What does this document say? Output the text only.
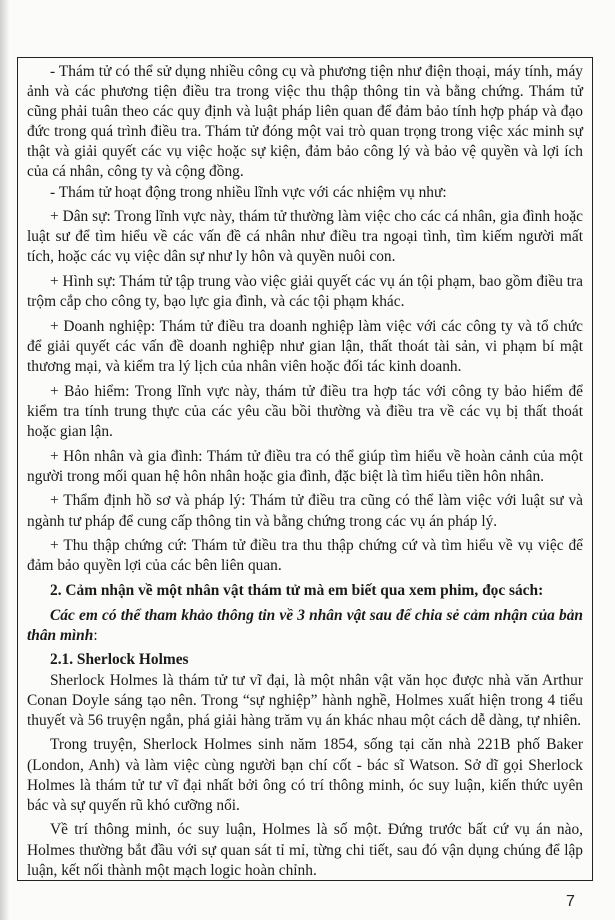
- Thám tử có thể sử dụng nhiều công cụ và phương tiện như điện thoại, máy tính, máy ảnh và các phương tiện điều tra trong việc thu thập thông tin và bằng chứng. Thám tử cũng phải tuân theo các quy định và luật pháp liên quan để đảm bảo tính hợp pháp và đạo đức trong quá trình điều tra. Thám tử đóng một vai trò quan trọng trong việc xác minh sự thật và giải quyết các vụ việc hoặc sự kiện, đảm bảo công lý và bảo vệ quyền và lợi ích của cá nhân, công ty và cộng đồng.

- Thám tử hoạt động trong nhiều lĩnh vực với các nhiệm vụ như:

+ Dân sự: Trong lĩnh vực này, thám tử thường làm việc cho các cá nhân, gia đình hoặc luật sư để tìm hiểu về các vấn đề cá nhân như điều tra ngoại tình, tìm kiếm người mất tích, hoặc các vụ việc dân sự như ly hôn và quyền nuôi con.

+ Hình sự: Thám tử tập trung vào việc giải quyết các vụ án tội phạm, bao gồm điều tra trộm cắp cho công ty, bạo lực gia đình, và các tội phạm khác.

+ Doanh nghiệp: Thám tử điều tra doanh nghiệp làm việc với các công ty và tổ chức để giải quyết các vấn đề doanh nghiệp như gian lận, thất thoát tài sản, vi phạm bí mật thương mại, và kiểm tra lý lịch của nhân viên hoặc đối tác kinh doanh.

+ Bảo hiểm: Trong lĩnh vực này, thám tử điều tra hợp tác với công ty bảo hiểm để kiểm tra tính trung thực của các yêu cầu bồi thường và điều tra về các vụ bị thất thoát hoặc gian lận.

+ Hôn nhân và gia đình: Thám tử điều tra có thể giúp tìm hiểu về hoàn cảnh của một người trong mối quan hệ hôn nhân hoặc gia đình, đặc biệt là tìm hiểu tiền hôn nhân.

+ Thẩm định hồ sơ và pháp lý: Thám tử điều tra cũng có thể làm việc với luật sư và ngành tư pháp để cung cấp thông tin và bằng chứng trong các vụ án pháp lý.

+ Thu thập chứng cứ: Thám tử điều tra thu thập chứng cứ và tìm hiểu về vụ việc để đảm bảo quyền lợi của các bên liên quan.

2. Cảm nhận về một nhân vật thám tử mà em biết qua xem phim, đọc sách:

Các em có thể tham khảo thông tin về 3 nhân vật sau để chia sẻ cảm nhận của bản thân mình:

2.1. Sherlock Holmes

Sherlock Holmes là thám tử tư vĩ đại, là một nhân vật văn học được nhà văn Arthur Conan Doyle sáng tạo nên. Trong “sự nghiệp” hành nghề, Holmes xuất hiện trong 4 tiểu thuyết và 56 truyện ngắn, phá giải hàng trăm vụ án khác nhau một cách dễ dàng, tự nhiên.

Trong truyện, Sherlock Holmes sinh năm 1854, sống tại căn nhà 221B phố Baker (London, Anh) và làm việc cùng người bạn chí cốt - bác sĩ Watson. Sở dĩ gọi Sherlock Holmes là thám tử tư vĩ đại nhất bởi ông có trí thông minh, óc suy luận, kiến thức uyên bác và sự quyến rũ khó cưỡng nổi.

Về trí thông minh, óc suy luận, Holmes là số một. Đứng trước bất cứ vụ án nào, Holmes thường bắt đầu với sự quan sát tỉ mỉ, từng chi tiết, sau đó vận dụng chúng để lập luận, kết nối thành một mạch logic hoàn chỉnh.

7
